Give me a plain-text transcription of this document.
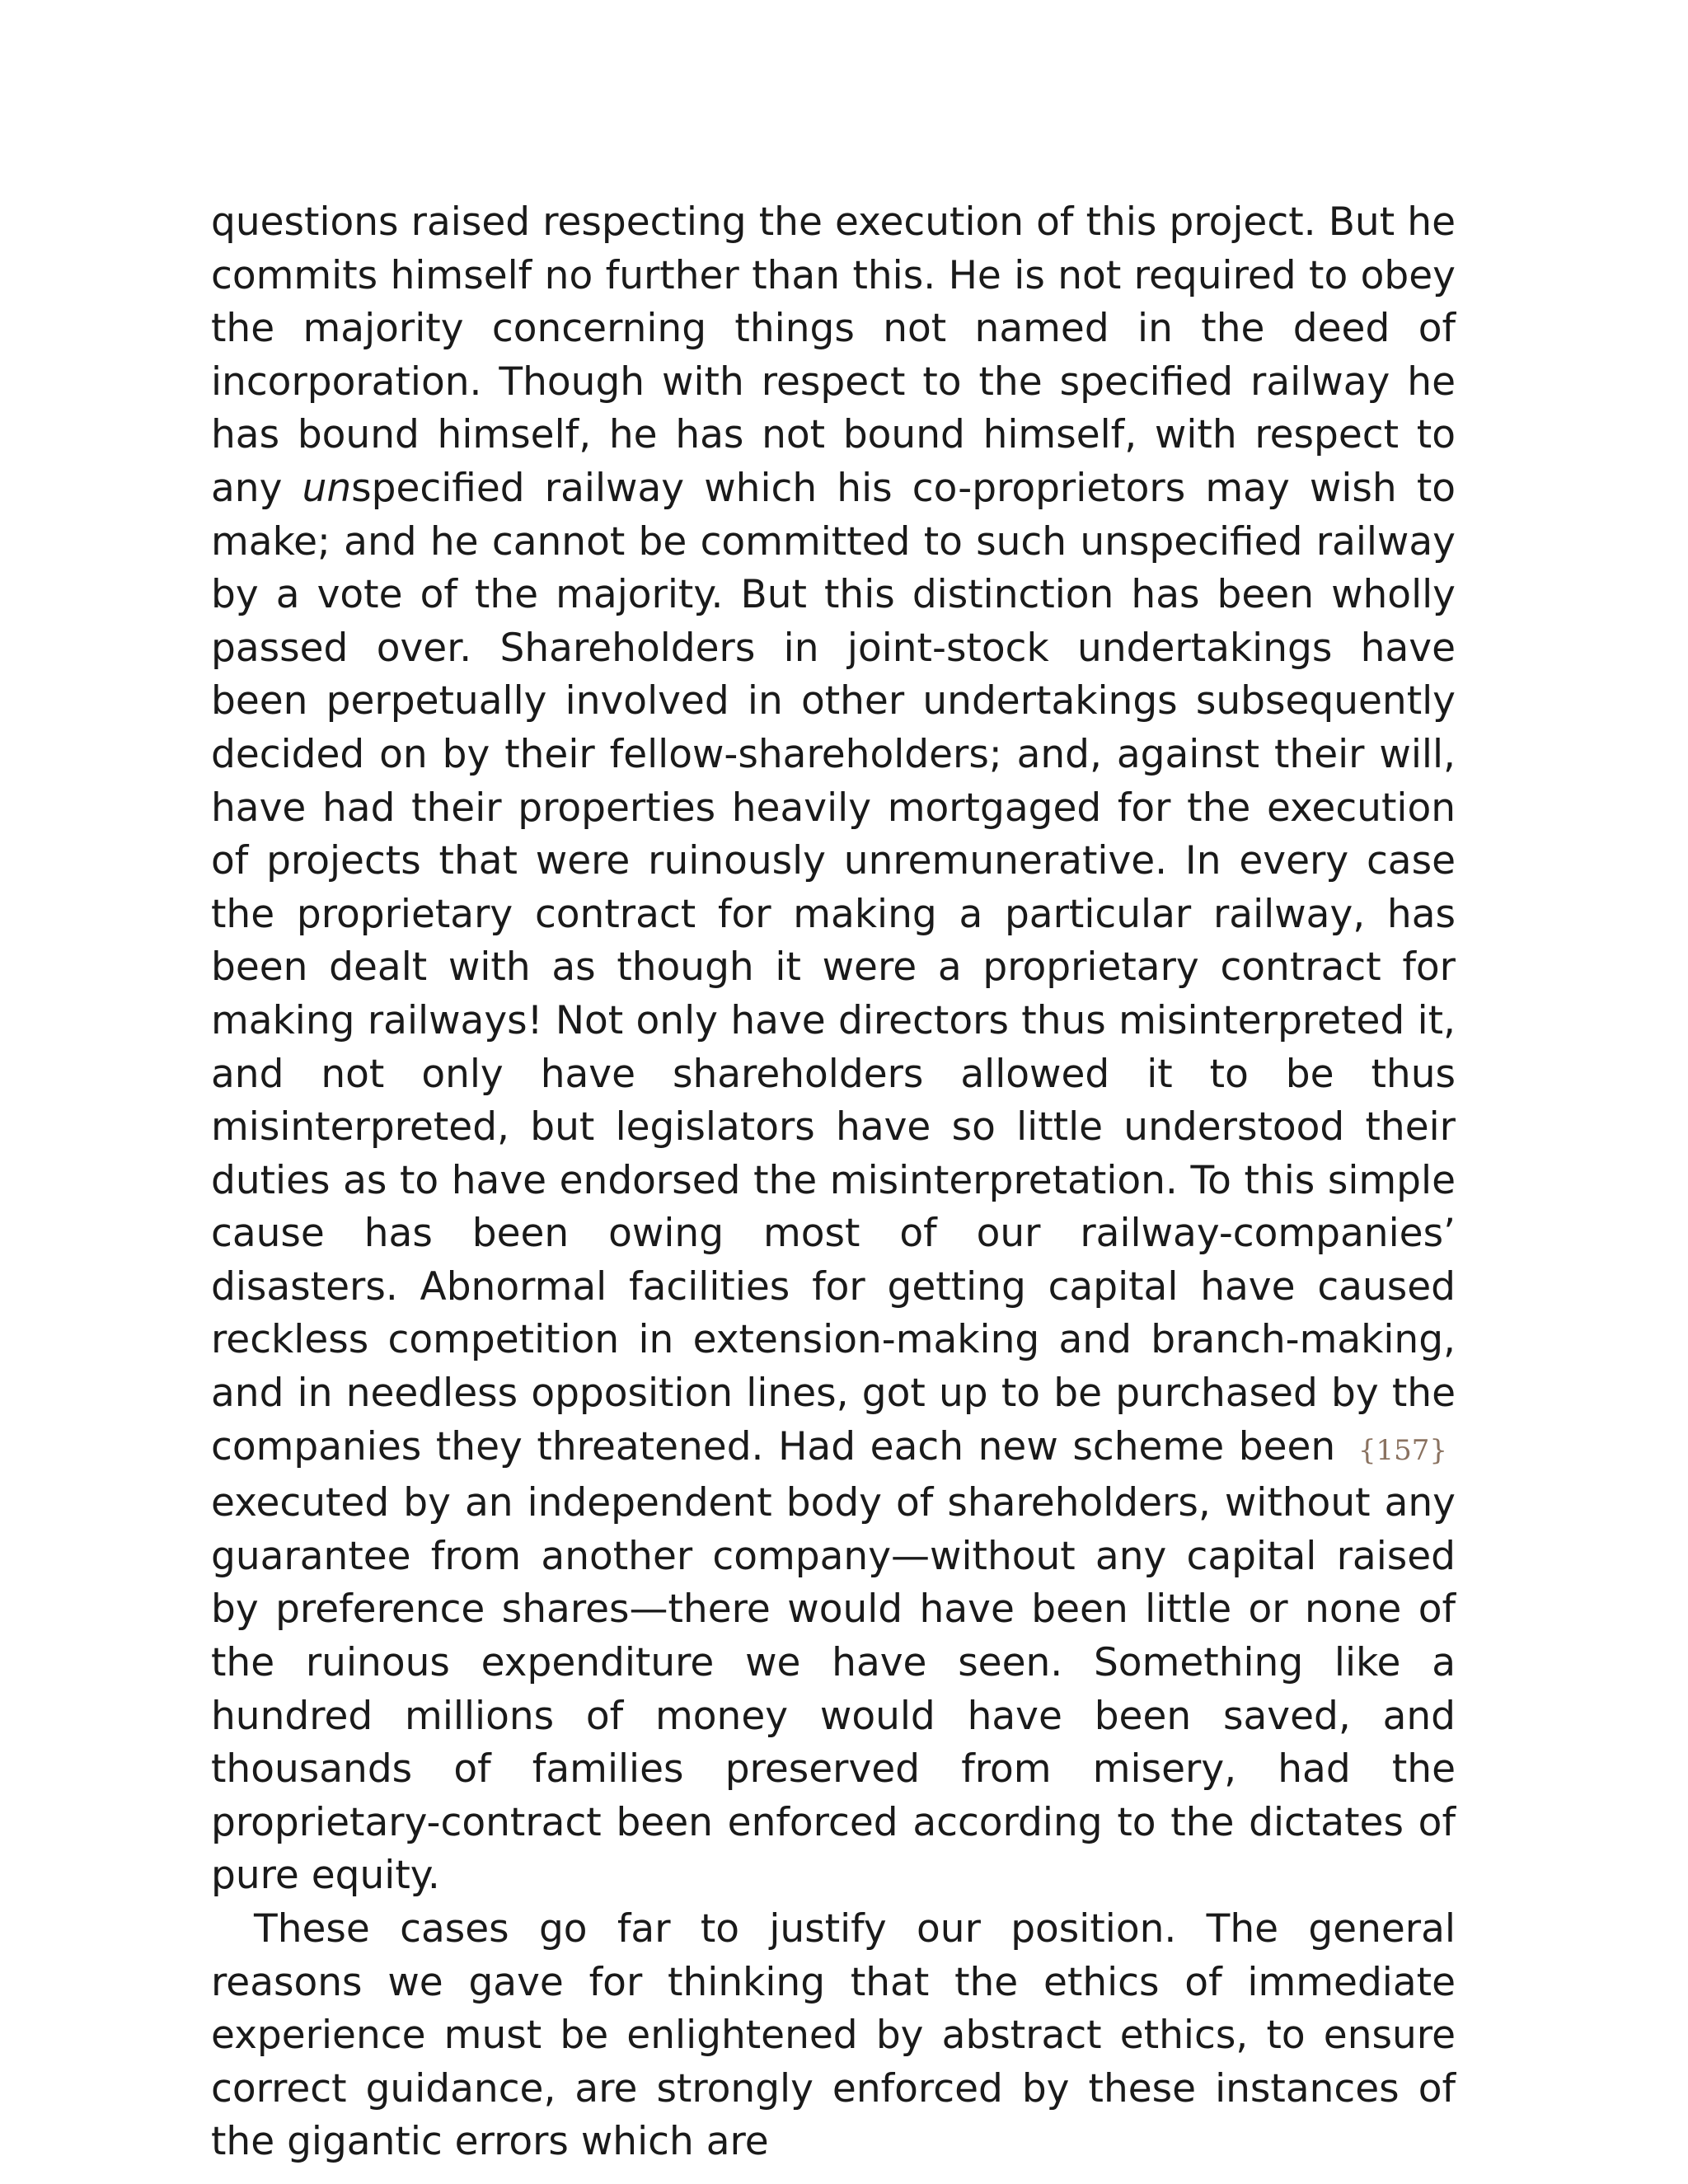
questions raised respecting the execution of this project. But he commits himself no further than this. He is not required to obey the majority concerning things not named in the deed of incorporation. Though with respect to the specified railway he has bound himself, he has not bound himself, with respect to any unspecified railway which his co-proprietors may wish to make; and he cannot be committed to such unspecified railway by a vote of the majority. But this distinction has been wholly passed over. Shareholders in joint-stock undertakings have been perpetually involved in other undertakings subsequently decided on by their fellow-shareholders; and, against their will, have had their properties heavily mortgaged for the execution of projects that were ruinously unremunerative. In every case the proprietary contract for making a particular railway, has been dealt with as though it were a proprietary contract for making railways! Not only have directors thus misinterpreted it, and not only have shareholders allowed it to be thus misinterpreted, but legislators have so little understood their duties as to have endorsed the misinterpretation. To this simple cause has been owing most of our railway-companies’ disasters. Abnormal facilities for getting capital have caused reckless competition in extension-making and branch-making, and in needless opposition lines, got up to be purchased by the companies they threatened. Had each new scheme been {157} executed by an independent body of shareholders, without any guarantee from another company—without any capital raised by preference shares—there would have been little or none of the ruinous expenditure we have seen. Something like a hundred millions of money would have been saved, and thousands of families preserved from misery, had the proprietary-contract been enforced according to the dictates of pure equity.

These cases go far to justify our position. The general reasons we gave for thinking that the ethics of immediate experience must be enlightened by abstract ethics, to ensure correct guidance, are strongly enforced by these instances of the gigantic errors which are
